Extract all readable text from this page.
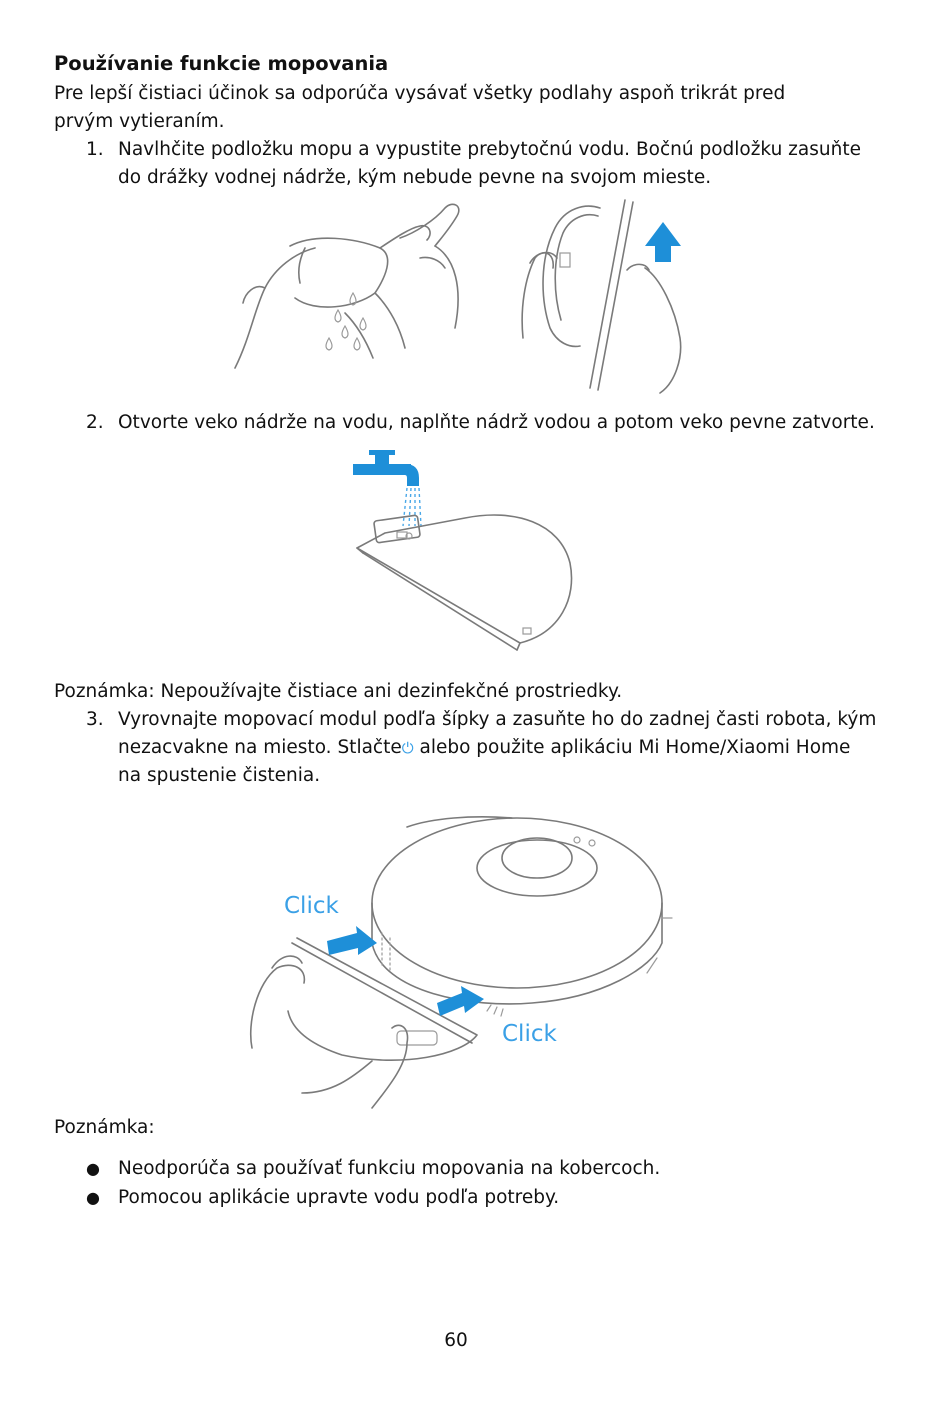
Používanie funkcie mopovania

Pre lepší čistiaci účinok sa odporúča vysávať všetky podlahy aspoň trikrát pred prvým vytieraním.

1. Navlhčite podložku mopu a vypustite prebytočnú vodu. Bočnú podložku zasuňte do drážky vodnej nádrže, kým nebude pevne na svojom mieste.
2. Otvorte veko nádrže na vodu, naplňte nádrž vodou a potom veko pevne zatvorte.

Poznámka: Nepoužívajte čistiace ani dezinfekčné prostriedky.

3. Vyrovnajte mopovací modul podľa šípky a zasuňte ho do zadnej časti robota, kým nezacvakne na miesto. Stlačte⏻ alebo použite aplikáciu Mi Home/Xiaomi Home na spustenie čistenia.
Click
Click

Poznámka:

● Neodporúča sa používať funkciu mopovania na kobercoch.
● Pomocou aplikácie upravte vodu podľa potreby.
60
